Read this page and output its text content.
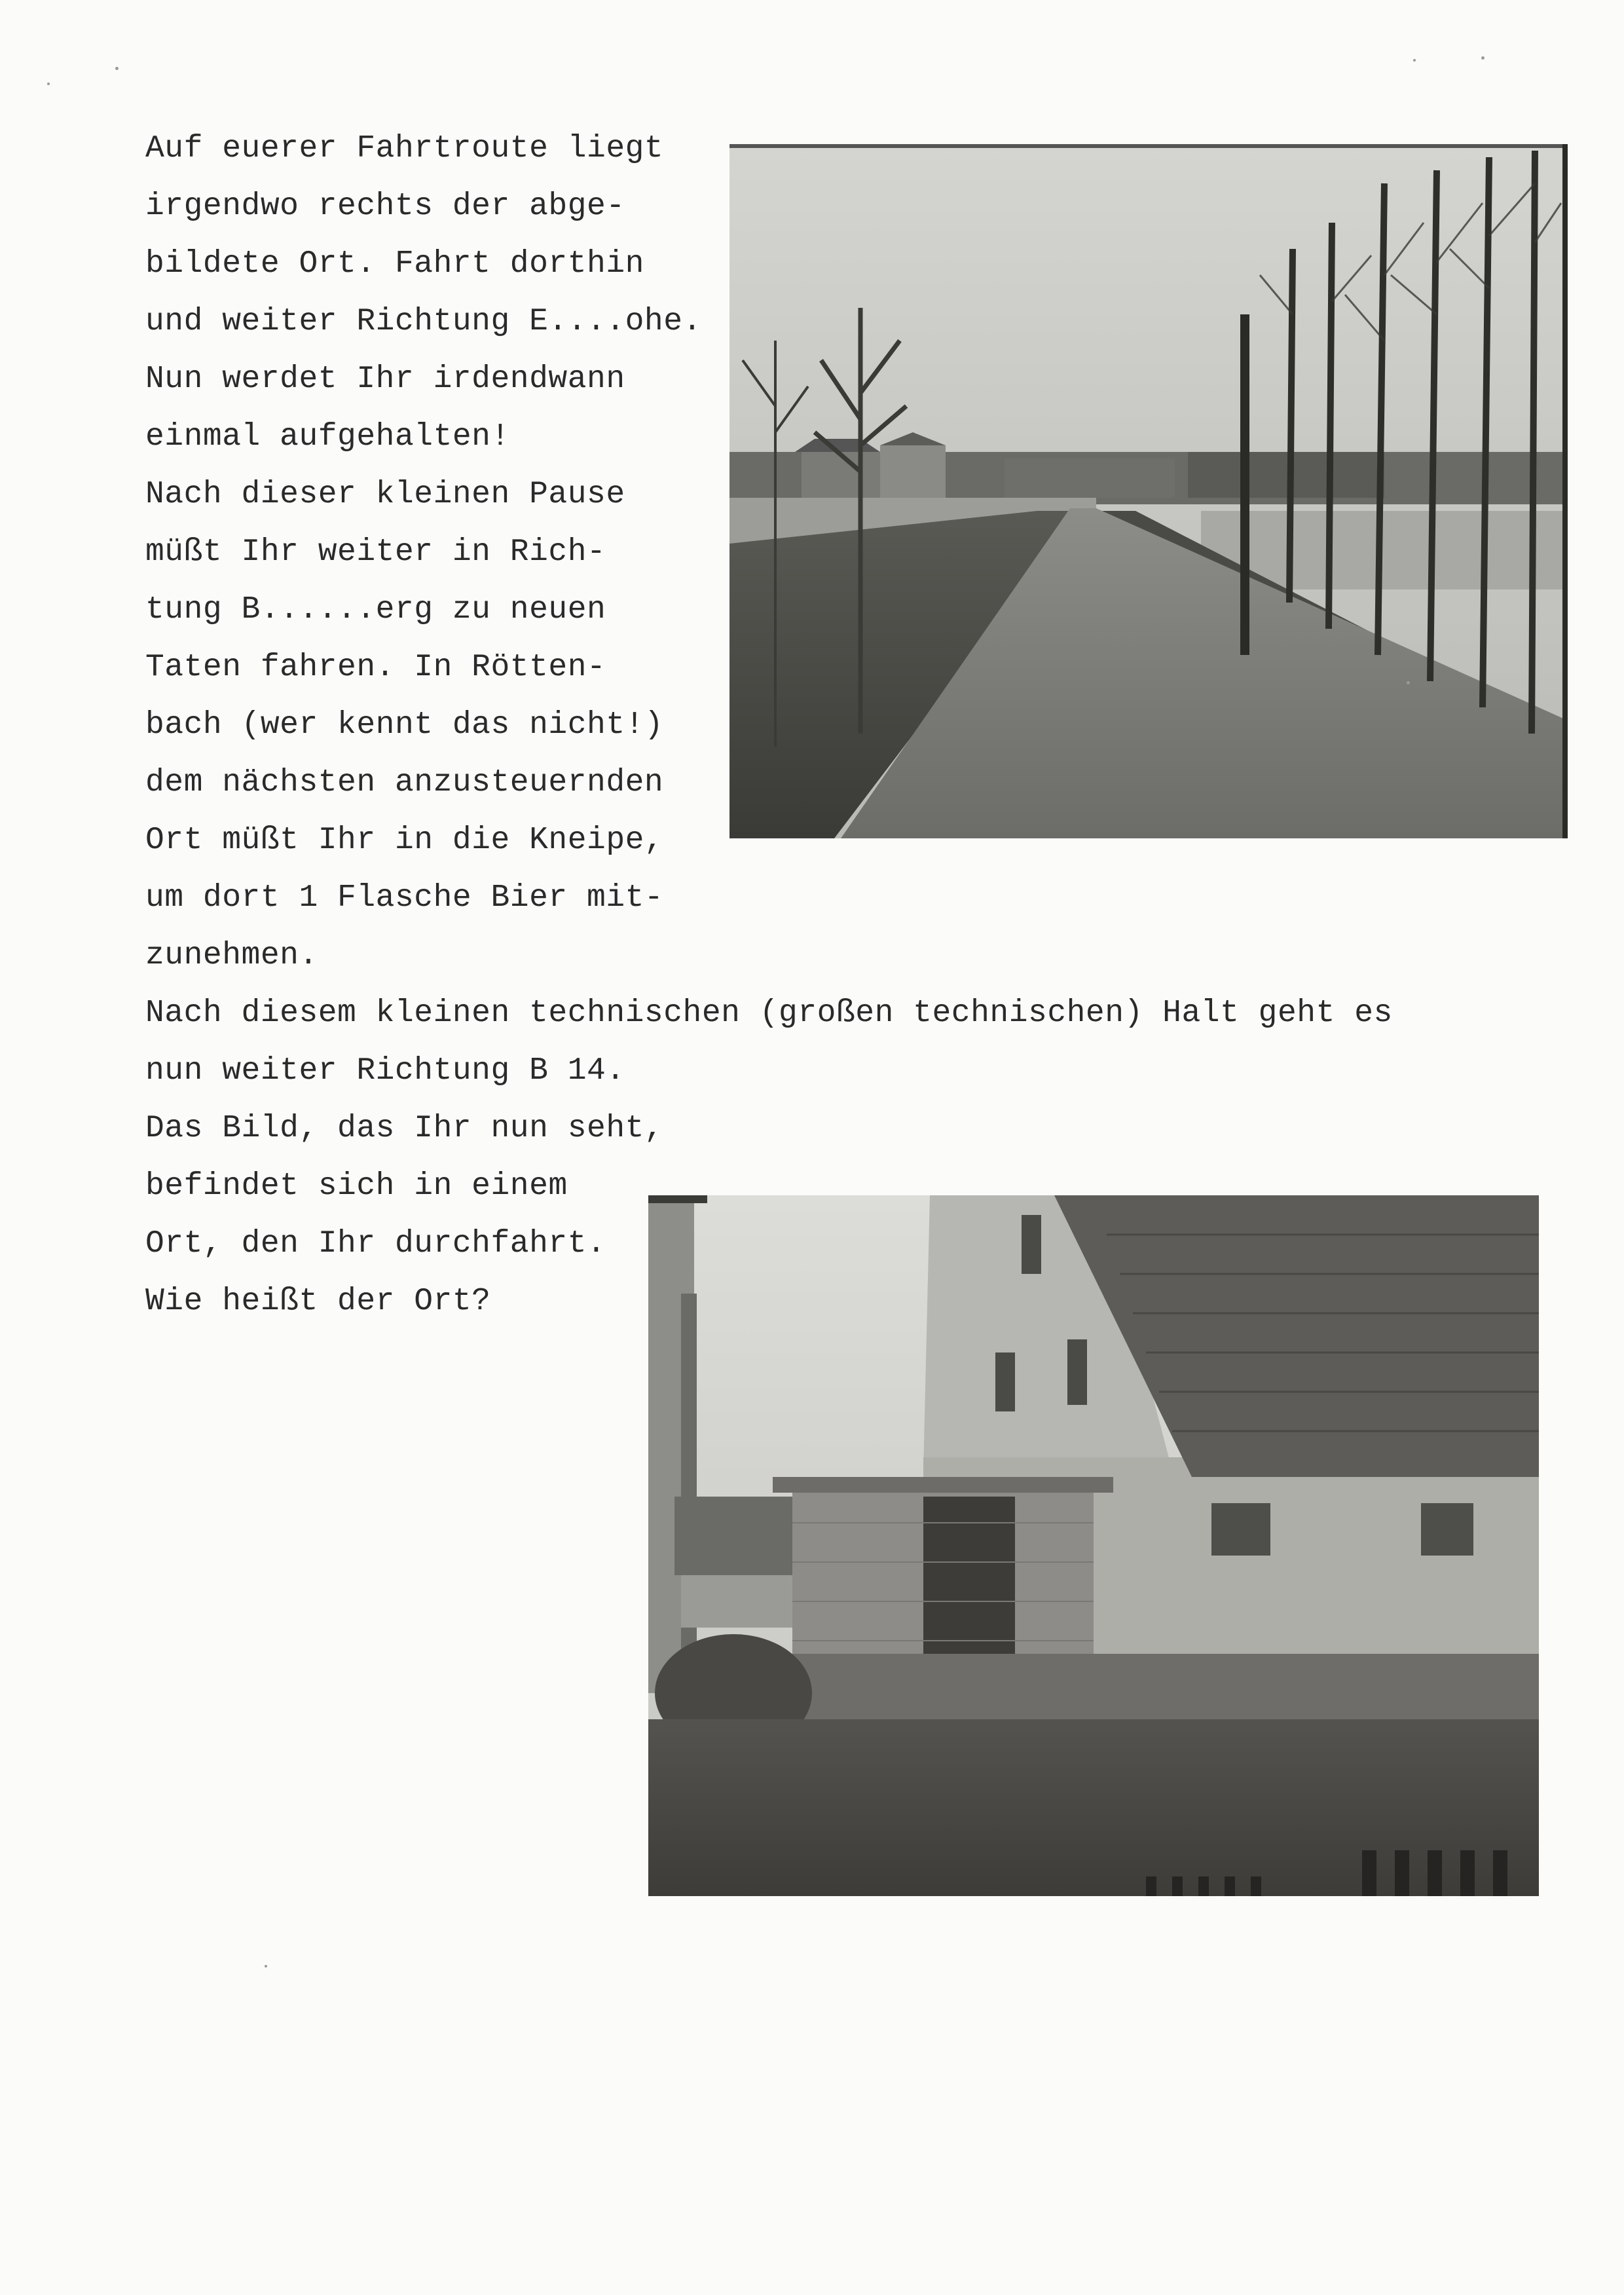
Auf euerer Fahrtroute liegt

irgendwo rechts der abge-

bildete Ort. Fahrt dorthin

und weiter Richtung E....ohe.

Nun werdet Ihr irdendwann

einmal aufgehalten!

Nach dieser kleinen Pause

müßt Ihr weiter in Rich-

tung B......erg zu neuen

Taten fahren. In Rötten-

bach (wer kennt das nicht!)

dem nächsten anzusteuernden

Ort müßt Ihr in die Kneipe,

um dort 1 Flasche Bier mit-

zunehmen.

Nach diesem kleinen technischen (großen technischen) Halt geht es

nun weiter Richtung B 14.

Das Bild, das Ihr nun seht,

befindet sich in einem

Ort, den Ihr durchfahrt.

Wie heißt der Ort?
